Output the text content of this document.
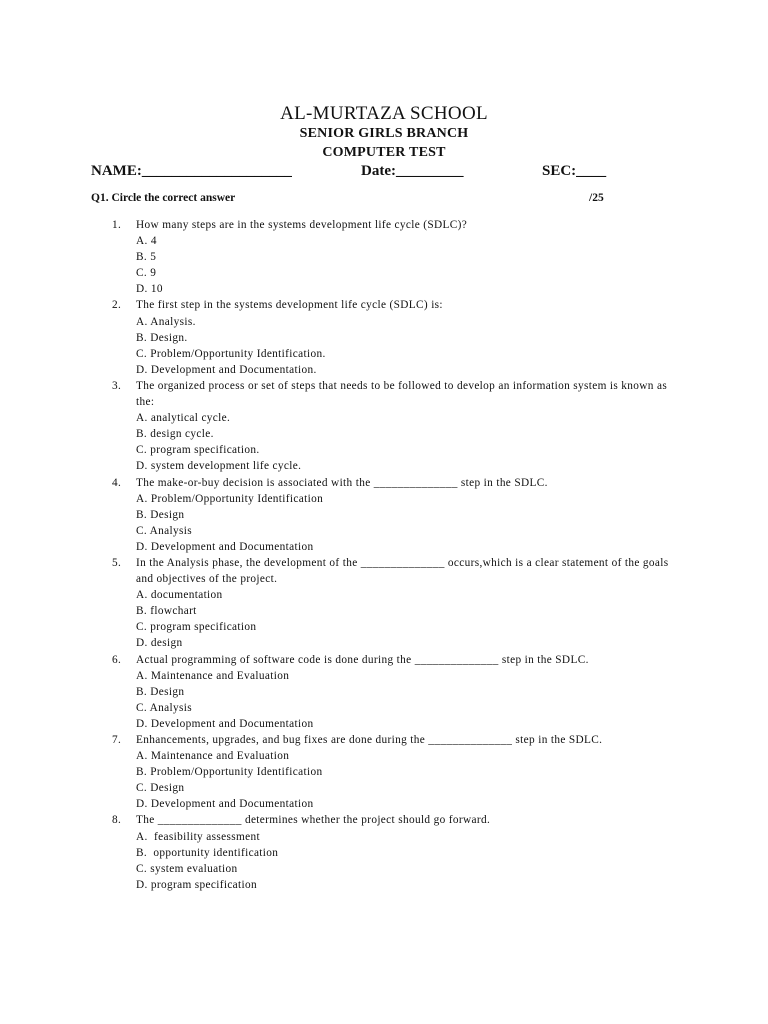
AL-MURTAZA SCHOOL
SENIOR GIRLS BRANCH
COMPUTER TEST
NAME:____________________	Date:_________	SEC:____
Q1. Circle the correct answer	/25
1. How many steps are in the systems development life cycle (SDLC)?
A. 4
B. 5
C. 9
D. 10
2. The first step in the systems development life cycle (SDLC) is:
A. Analysis.
B. Design.
C. Problem/Opportunity Identification.
D. Development and Documentation.
3. The organized process or set of steps that needs to be followed to develop an information system is known as the:
A. analytical cycle.
B. design cycle.
C. program specification.
D. system development life cycle.
4. The make-or-buy decision is associated with the ______________ step in the SDLC.
A. Problem/Opportunity Identification
B. Design
C. Analysis
D. Development and Documentation
5. In the Analysis phase, the development of the ______________ occurs,which is a clear statement of the goals and objectives of the project.
A. documentation
B. flowchart
C. program specification
D. design
6. Actual programming of software code is done during the ______________ step in the SDLC.
A. Maintenance and Evaluation
B. Design
C. Analysis
D. Development and Documentation
7. Enhancements, upgrades, and bug fixes are done during the ______________ step in the SDLC.
A. Maintenance and Evaluation
B. Problem/Opportunity Identification
C. Design
D. Development and Documentation
8. The ______________ determines whether the project should go forward.
A.  feasibility assessment
B.  opportunity identification
C. system evaluation
D. program specification
